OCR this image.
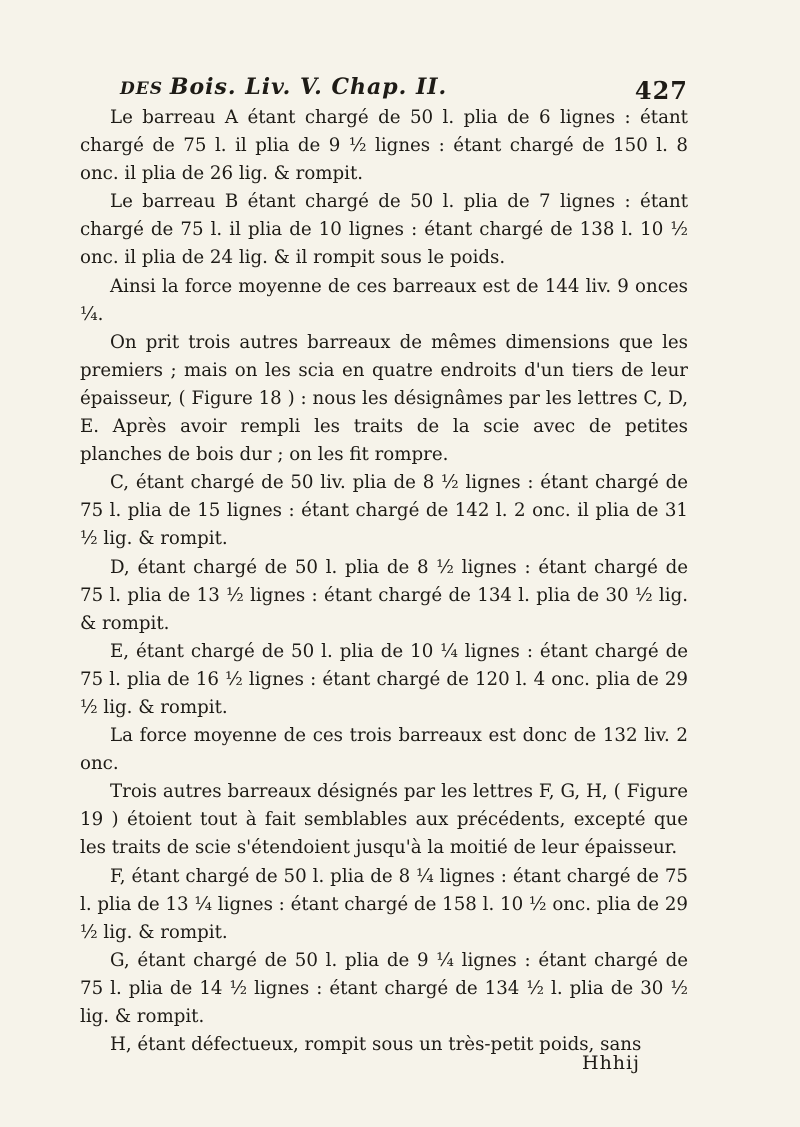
DES Bois. Liv. V. Chap. II.	427

Le barreau A étant chargé de 50 l. plia de 6 lignes : étant chargé de 75 l. il plia de 9 ½ lignes : étant chargé de 150 l. 8 onc. il plia de 26 lig. & rompit.

Le barreau B étant chargé de 50 l. plia de 7 lignes : étant chargé de 75 l. il plia de 10 lignes : étant chargé de 138 l. 10 ½ onc. il plia de 24 lig. & il rompit sous le poids.

Ainsi la force moyenne de ces barreaux est de 144 liv. 9 onces ¼.

On prit trois autres barreaux de mêmes dimensions que les premiers ; mais on les scia en quatre endroits d'un tiers de leur épaisseur, ( Figure 18 ) : nous les désignâmes par les lettres C, D, E. Après avoir rempli les traits de la scie avec de petites planches de bois dur ; on les fit rompre.

C, étant chargé de 50 liv. plia de 8 ½ lignes : étant chargé de 75 l. plia de 15 lignes : étant chargé de 142 l. 2 onc. il plia de 31 ½ lig. & rompit.

D, étant chargé de 50 l. plia de 8 ½ lignes : étant chargé de 75 l. plia de 13 ½ lignes : étant chargé de 134 l. plia de 30 ½ lig. & rompit.

E, étant chargé de 50 l. plia de 10 ¼ lignes : étant chargé de 75 l. plia de 16 ½ lignes : étant chargé de 120 l. 4 onc. plia de 29 ½ lig. & rompit.

La force moyenne de ces trois barreaux est donc de 132 liv. 2 onc.

Trois autres barreaux désignés par les lettres F, G, H, ( Figure 19 ) étoient tout à fait semblables aux précédents, excepté que les traits de scie s'étendoient jusqu'à la moitié de leur épaisseur.

F, étant chargé de 50 l. plia de 8 ¼ lignes : étant chargé de 75 l. plia de 13 ¼ lignes : étant chargé de 158 l. 10 ½ onc. plia de 29 ½ lig. & rompit.

G, étant chargé de 50 l. plia de 9 ¼ lignes : étant chargé de 75 l. plia de 14 ½ lignes : étant chargé de 134 ½ l. plia de 30 ½ lig. & rompit.

H, étant défectueux, rompit sous un très-petit poids, sans

Hhhij
